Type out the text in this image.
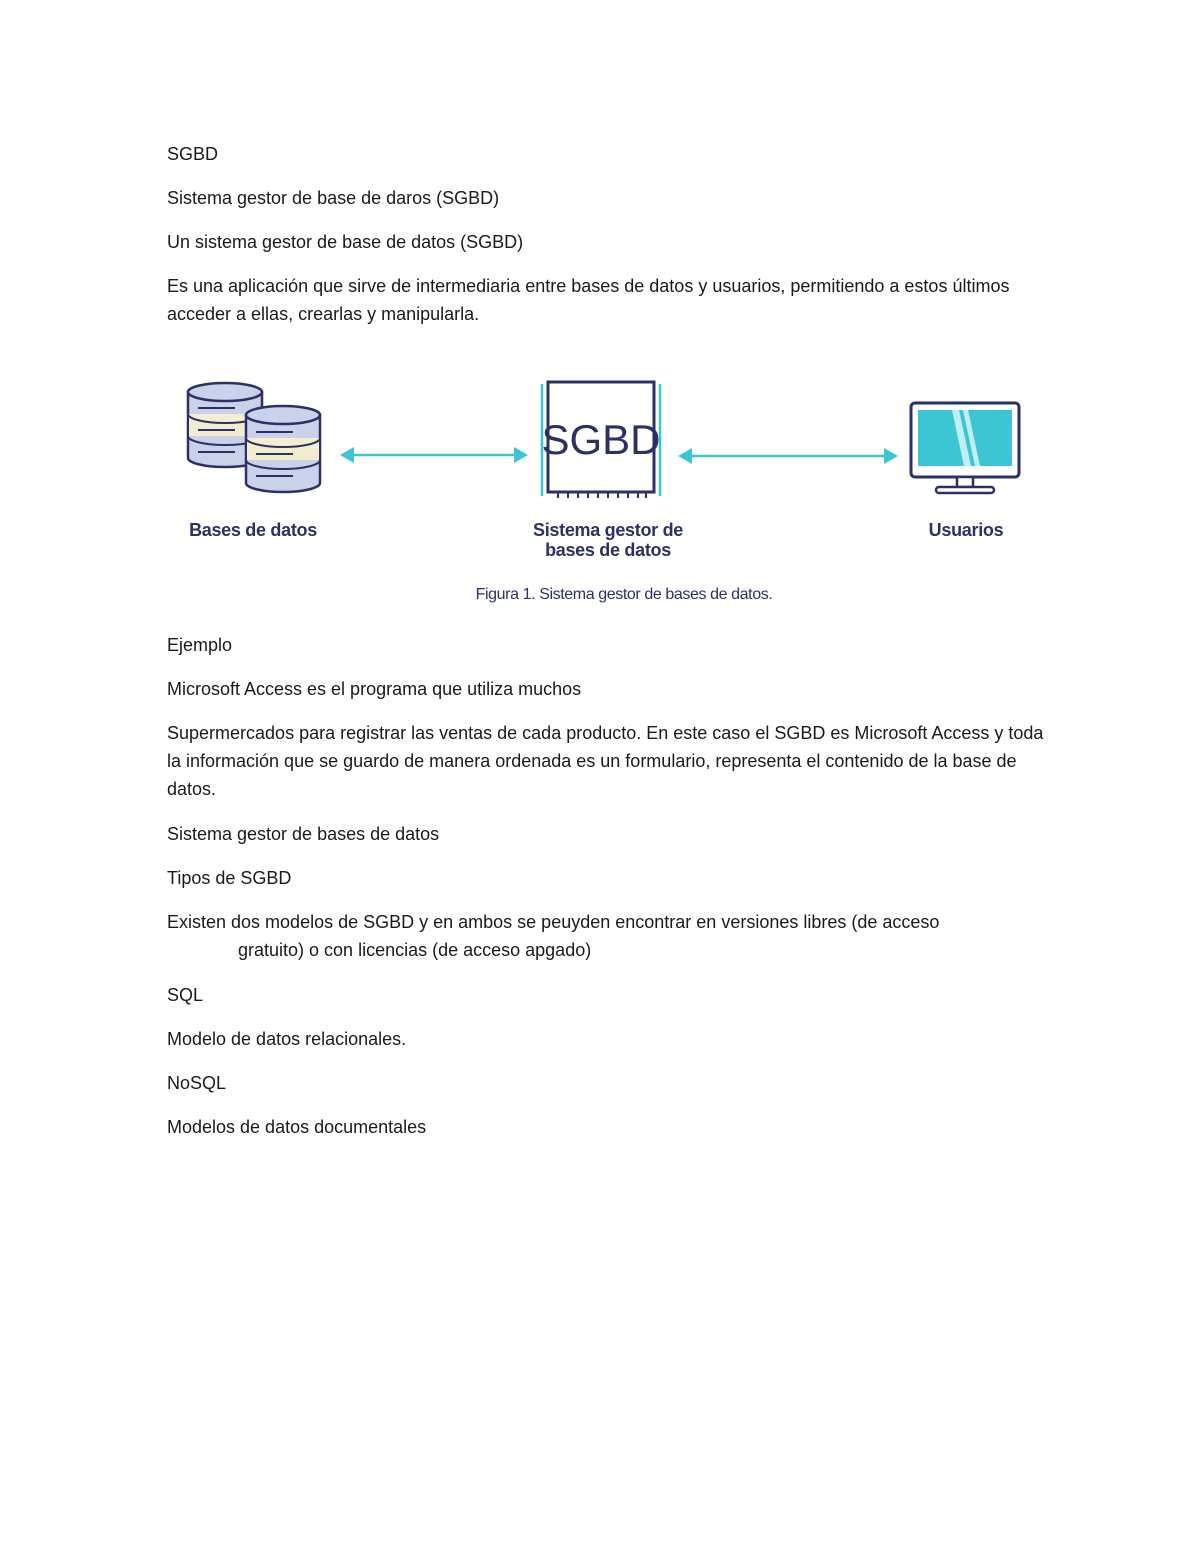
SGBD

Sistema gestor de base de daros (SGBD)

Un sistema gestor de base de datos (SGBD)

Es una aplicación que sirve de intermediaria entre bases de datos y usuarios, permitiendo a estos últimos acceder a ellas, crearlas y manipularla.

SGBD
Bases de datos	Sistema gestor de
bases de datos
Usuarios
Figura 1. Sistema gestor de bases de datos.

Ejemplo

Microsoft Access es el programa que utiliza muchos

Supermercados para registrar las ventas de cada producto. En este caso el SGBD es Microsoft Access y toda la información que se guardo de manera ordenada es un formulario, representa el contenido de la base de datos.

Sistema gestor de bases de datos

Tipos de SGBD

Existen dos modelos de SGBD y en ambos se peuyden encontrar en versiones libres (de acceso
gratuito) o con licencias (de acceso apgado)

SQL

Modelo de datos relacionales.

NoSQL

Modelos de datos documentales
